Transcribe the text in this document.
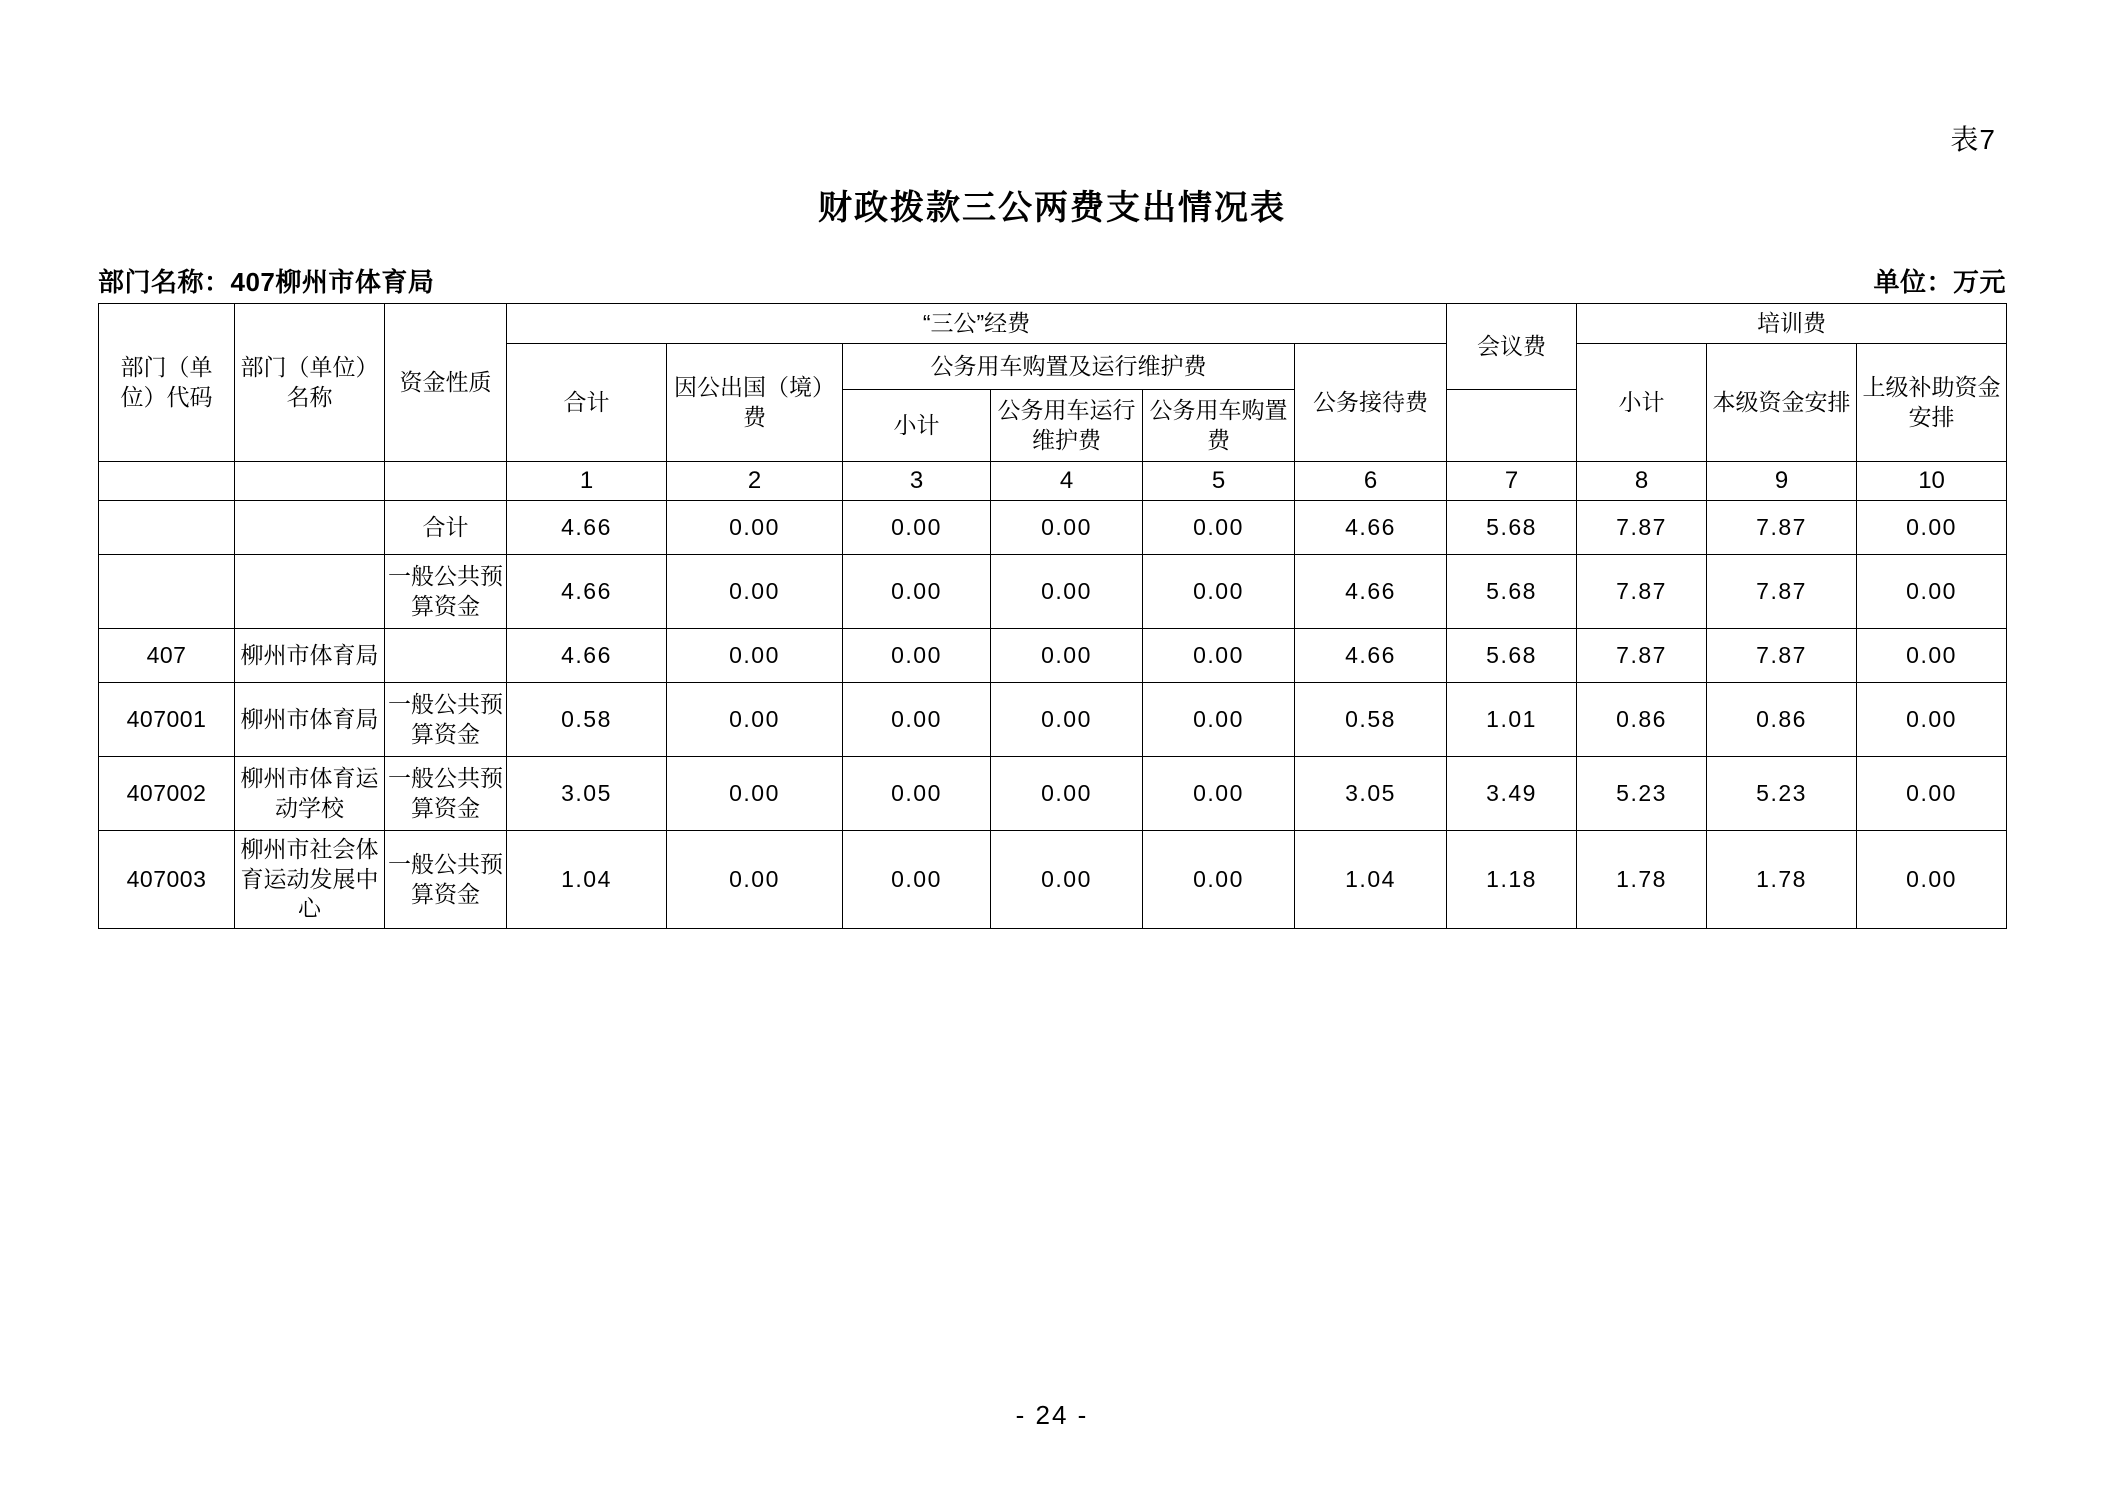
表7
财政拨款三公两费支出情况表
部门名称：407柳州市体育局	单位：万元
部门（单位）代码	部门（单位）名称	资金性质	“三公”经费						会议费	培训费		

			合计	因公出国（境）费	公务用车购置及运行维护费			公务接待费		小计	本级资金安排	上级补助资金安排

					小计	公务用车运行维护费	公务用车购置费					

			1	2	3	4	5	6	7	8	9	10
		合计	4.66	0.00	0.00	0.00	0.00	4.66	5.68	7.87	7.87	0.00
		一般公共预算资金	4.66	0.00	0.00	0.00	0.00	4.66	5.68	7.87	7.87	0.00
407	柳州市体育局		4.66	0.00	0.00	0.00	0.00	4.66	5.68	7.87	7.87	0.00
407001	柳州市体育局	一般公共预算资金	0.58	0.00	0.00	0.00	0.00	0.58	1.01	0.86	0.86	0.00
407002	柳州市体育运动学校	一般公共预算资金	3.05	0.00	0.00	0.00	0.00	3.05	3.49	5.23	5.23	0.00
407003	柳州市社会体育运动发展中心	一般公共预算资金	1.04	0.00	0.00	0.00	0.00	1.04	1.18	1.78	1.78	0.00
- 24 -
